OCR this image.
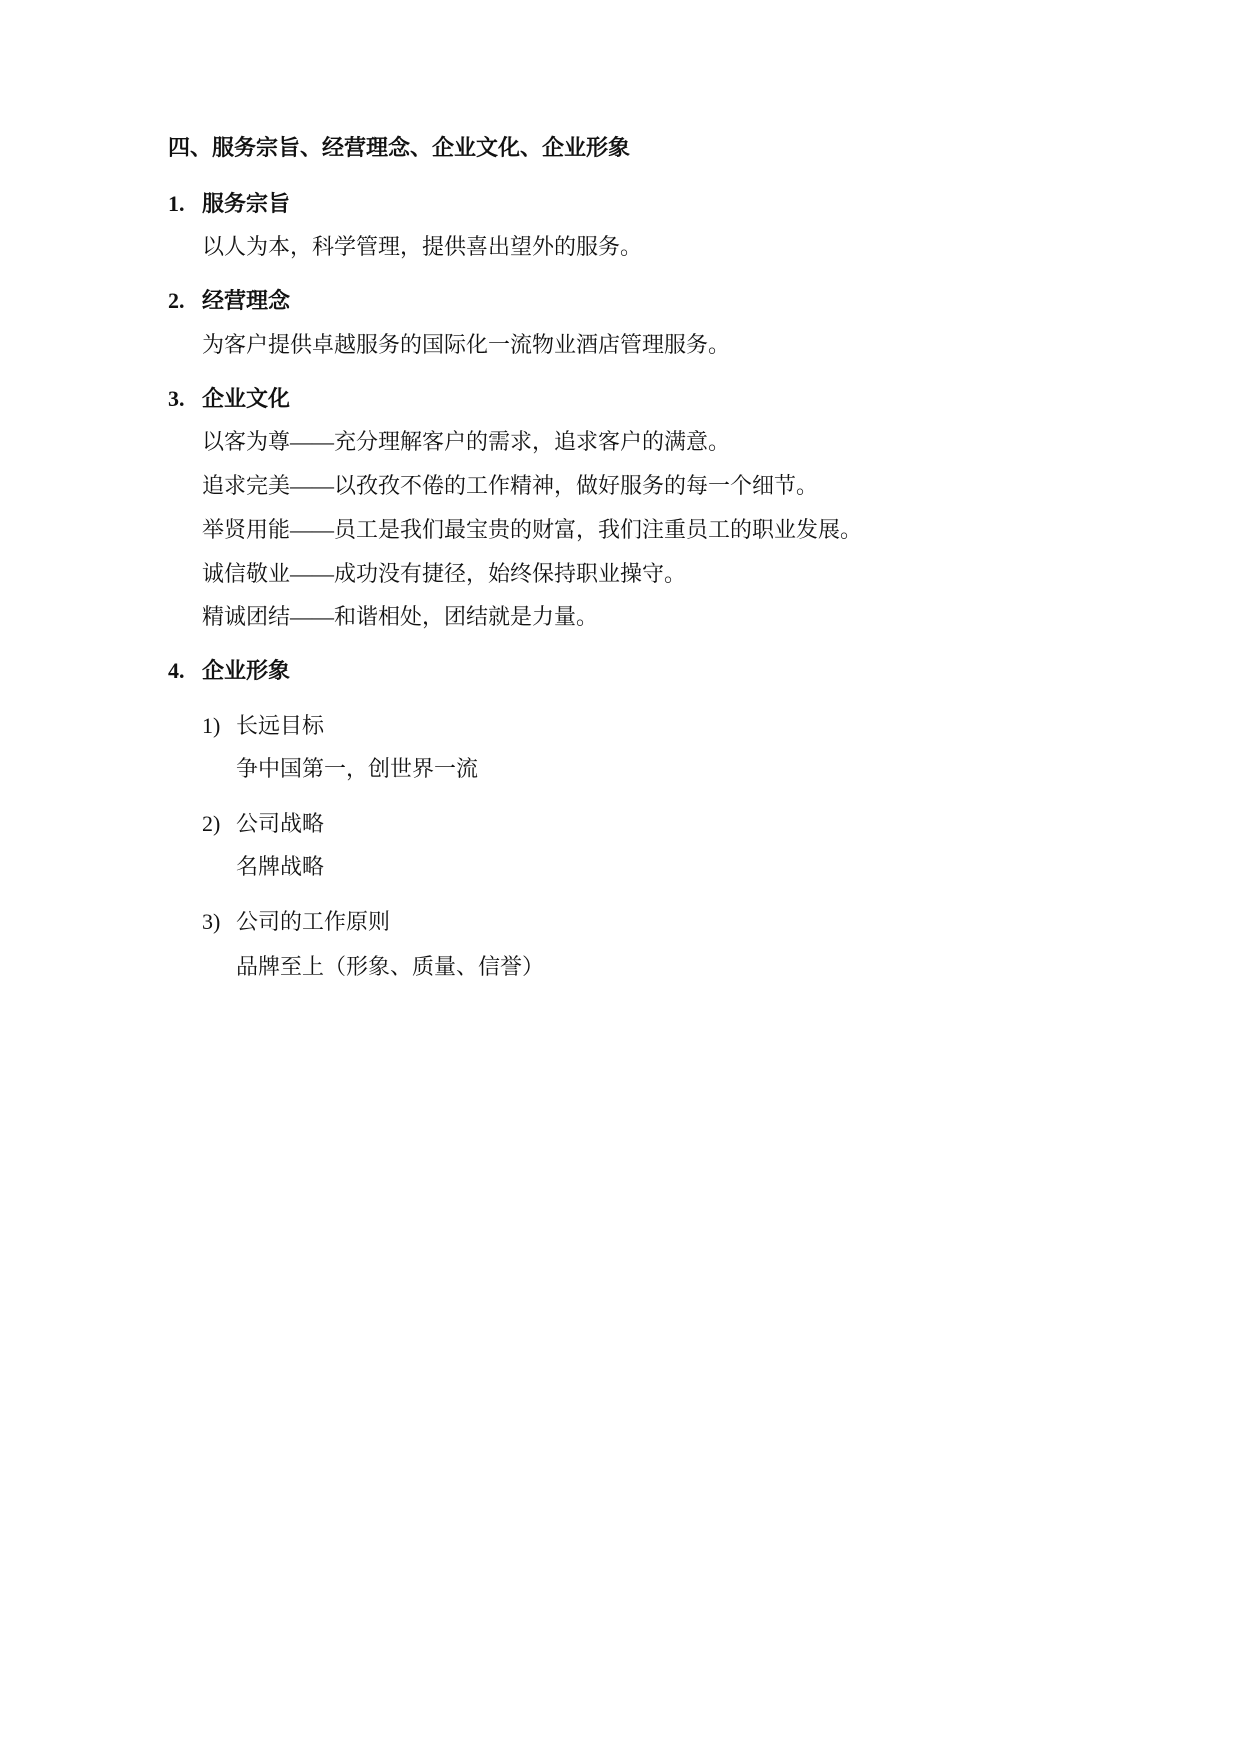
四、服务宗旨、经营理念、企业文化、企业形象
1. 服务宗旨
以人为本，科学管理，提供喜出望外的服务。
2. 经营理念
为客户提供卓越服务的国际化一流物业酒店管理服务。
3. 企业文化
以客为尊——充分理解客户的需求，追求客户的满意。
追求完美——以孜孜不倦的工作精神，做好服务的每一个细节。
举贤用能——员工是我们最宝贵的财富，我们注重员工的职业发展。
诚信敬业——成功没有捷径，始终保持职业操守。
精诚团结——和谐相处，团结就是力量。
4. 企业形象
1) 长远目标
争中国第一，创世界一流
2) 公司战略
名牌战略
3) 公司的工作原则
品牌至上（形象、质量、信誉）
